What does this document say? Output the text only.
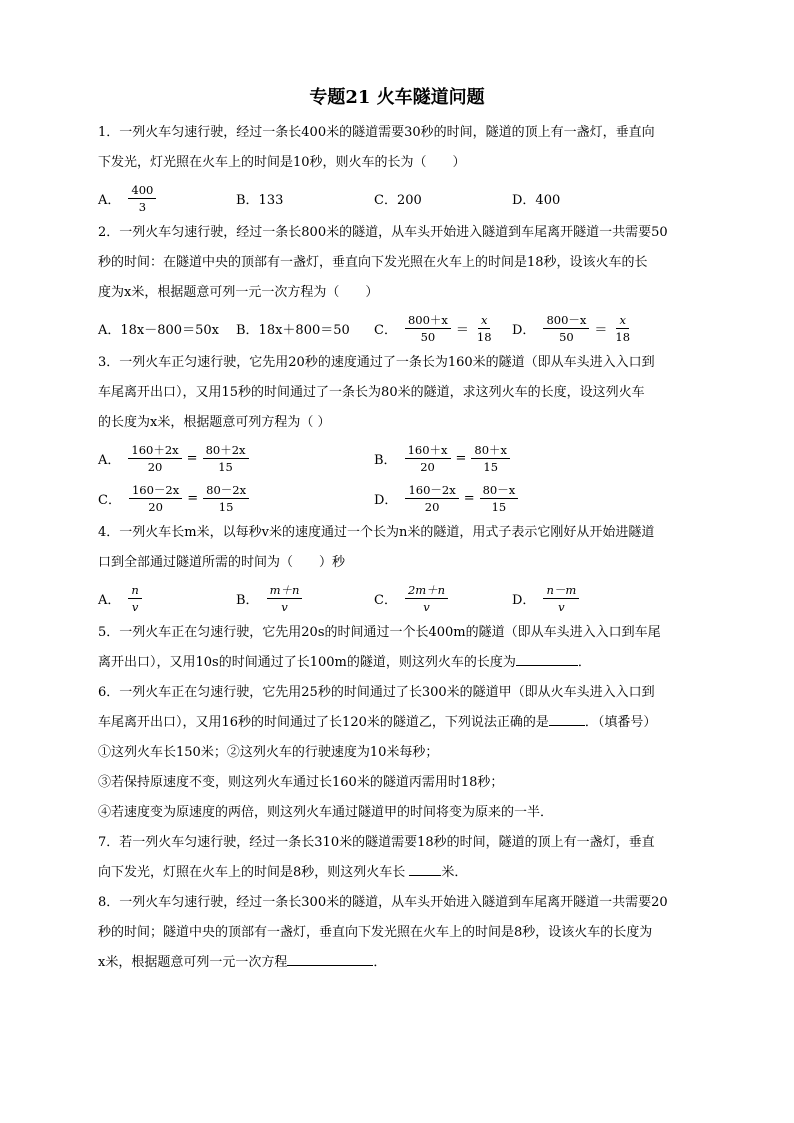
专题21 火车隧道问题
1．一列火车匀速行驶，经过一条长400米的隧道需要30秒的时间，隧道的顶上有一盏灯，垂直向
下发光，灯光照在火车上的时间是10秒，则火车的长为（　　）
A． $\frac{400}{3}$	B．133	C．200	D．400
2．一列火车匀速行驶，经过一条长800米的隧道，从车头开始进入隧道到车尾离开隧道一共需要50
秒的时间：在隧道中央的顶部有一盏灯，垂直向下发光照在火车上的时间是18秒，设该火车的长
度为x米，根据题意可列一元一次方程为（　　）
A．18x－800＝50x B．18x＋800＝50 C． $\frac{800+x}{50} = \frac{x}{18}$ D． $\frac{800-x}{50} = \frac{x}{18}$
3．一列火车正匀速行驶，它先用20秒的速度通过了一条长为160米的隧道（即从车头进入入口到
车尾离开出口），又用15秒的时间通过了一条长为80米的隧道，求这列火车的长度，设这列火车
的长度为x米，根据题意可列方程为（ ）
A． $\frac{160+2x}{20} = \frac{80+2x}{15}$	B． $\frac{160+x}{20} = \frac{80+x}{15}$
C． $\frac{160-2x}{20} = \frac{80-2x}{15}$	D． $\frac{160-2x}{20} = \frac{80-x}{15}$
4．一列火车长m米，以每秒v米的速度通过一个长为n米的隧道，用式子表示它刚好从开始进隧道
口到全部通过隧道所需的时间为（　　）秒
A． $\frac{n}{v}$	B． $\frac{m+n}{v}$	C． $\frac{2m+n}{v}$	D． $\frac{n-m}{v}$
5．一列火车正在匀速行驶，它先用20s的时间通过一个长400m的隧道（即从车头进入入口到车尾
离开出口），又用10s的时间通过了长100m的隧道，则这列火车的长度为	．
6．一列火车正在匀速行驶，它先用25秒的时间通过了长300米的隧道甲（即从火车头进入入口到
车尾离开出口），又用16秒的时间通过了长120米的隧道乙，下列说法正确的是	．（填番号）
①这列火车长150米；②这列火车的行驶速度为10米每秒；
③若保持原速度不变，则这列火车通过长160米的隧道丙需用时18秒；
④若速度变为原速度的两倍，则这列火车通过隧道甲的时间将变为原来的一半．
7．若一列火车匀速行驶，经过一条长310米的隧道需要18秒的时间，隧道的顶上有一盏灯，垂直
向下发光，灯照在火车上的时间是8秒，则这列火车长 米．
8．一列火车匀速行驶，经过一条长300米的隧道，从车头开始进入隧道到车尾离开隧道一共需要20
秒的时间；隧道中央的顶部有一盏灯，垂直向下发光照在火车上的时间是8秒，设该火车的长度为
x米，根据题意可列一元一次方程	．
